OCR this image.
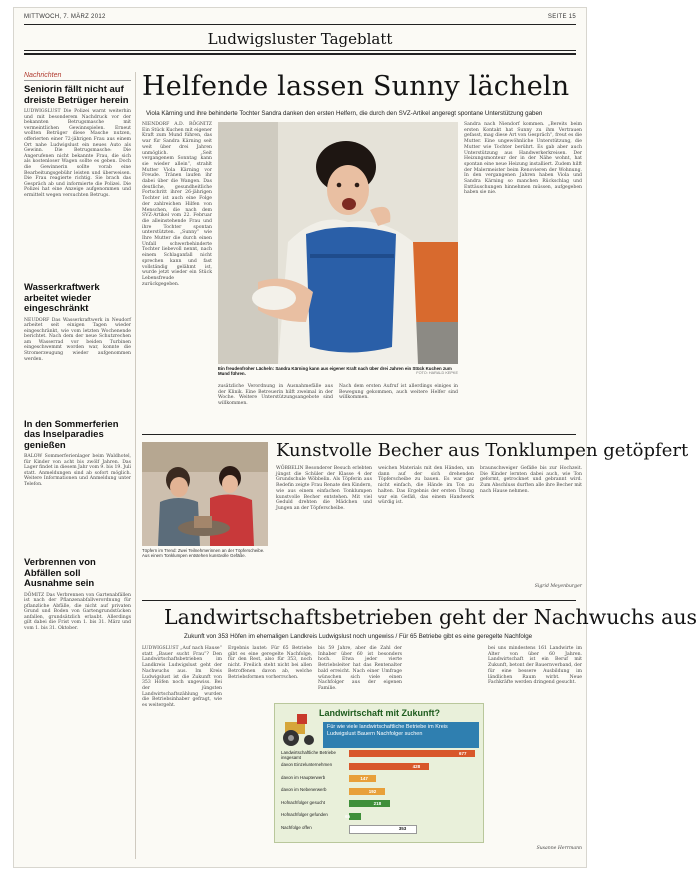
MITTWOCH, 7. MÄRZ 2012	SEITE 15
Ludwigsluster Tageblatt
Nachrichten
Seniorin fällt nicht auf dreiste Betrüger herein
LUDWIGSLUST Die Polizei warnt weiterhin und mit besonderem Nachdruck vor der bekannten Betrugsmasche mit vermeintlichen Gewinnspielen. Erneut wollten Betrüger diese Masche nutzen, offerierten einer 72-jährigen Frau aus einem Ort nahe Ludwigslust ein neues Auto als Gewinn. Die Betrugsmasche: Die Angerufenen nicht bekannte Frau, die sich als kostenloser Wagen sollte es geben. Doch die Gewinnerin sollte vorab eine Bearbeitungsgebühr leisten und überweisen. Die Frau reagierte richtig. Sie brach das Gespräch ab und informierte die Polizei. Die Polizei hat eine Anzeige aufgenommen und ermittelt wegen versuchten Betrugs.
Wasserkraftwerk arbeitet wieder eingeschränkt
NEUDORF Das Wasserkraftwerk in Neudorf arbeitet seit einigen Tagen wieder eingeschränkt, wie vom letzten Wochenende berichtet. Nach dem der neue Schutzrechen am Wasserrad vor beiden Turbinen eingeschwemmt worden war, konnte die Stromerzeugung wieder aufgenommen werden.
In den Sommerferien das Inselparadies genießen
BALOW Sommerferienlager beim Waldhotel, für Kinder von acht bis zwölf Jahren. Das Lager findet in diesem Jahr vom 9. bis 19. Juli statt. Anmeldungen sind ab sofort möglich. Weitere Informationen und Anmeldung unter Telefon.
Verbrennen von Abfällen soll Ausnahme sein
DÖMITZ Das Verbrennen von Gartenabfällen ist nach der Pflanzenabfallverordnung für pflanzliche Abfälle, die nicht auf privaten Grund und Boden von Gartengrundstücken anfallen, grundsätzlich erlaubt. Allerdings gilt dabei die Frist vom 1. bis 31. März und vom 1. bis 31. Oktober.
Helfende lassen Sunny lächeln
Viola Kärning und ihre behinderte Tochter Sandra danken den ersten Helfern, die durch den SVZ-Artikel angeregt spontane Unterstützung gaben
NIENDORF A.D. RÖGNITZ Ein Stück Kuchen mit eigener Kraft zum Mund führen, das war für Sandra Kärning seit weit über drei Jahren unmöglich. „Seit vergangenem Sonntag kann sie wieder allein“, strahlt Mutter Viola Kärning vor Freude. Tränen laufen ihr dabei über die Wangen. Das deutliche, gesundheitliche Fortschritt ihrer 26-jährigen Tochter ist auch eine Folge der zahlreichen Hilfen von Menschen, die nach dem SVZ-Artikel vom 22. Februar die alleinstehende Frau und ihre Tochter spontan unterstützten. „Sunny“ wie Ihre Mutter die durch einen Unfall schwerbehinderte Tochter liebevoll nennt, nach einem Schlaganfall nicht sprechen kann und fast vollständig gelähmt ist, wurde jetzt wieder ein Stück Lebensfreude zurückgegeben.
Ein freudenfroher Lächeln: Sandra Kärning kann aus eigener Kraft nach über drei Jahren ein Stück Kuchen zum Mund führen.	FOTO: HARALD KEPKE
Sandra nach Niendorf kommen. „Bereits beim ersten Kontakt hat Sunny zu ihm Vertrauen gefasst, mag diese Art von Gespräch“, freut es die Mutter. Eine ungewöhnliche Unterstützung, die Mutter wie Tochter berührt. Es gab aber auch Unterstützung aus Handwerkerkreisen. Der Heizungsmonteur der in der Nähe wohnt, hat spontan eine neue Heizung installiert. Zudem hilft der Malermeister beim Renovieren der Wohnung. In den vergangenen Jahren haben Viola und Sandra Kärning so manchen Rückschlag und Enttäuschungen hinnehmen müssen, aufgegeben haben sie nie.
zusätzliche Verordnung in Ausnahmefälle aus der Klinik. Eine Betreuerin hilft zweimal in der Woche. Weitere Unterstützungsangebote sind willkommen.
Nach dem ersten Aufruf ist allerdings einiges in Bewegung gekommen, auch weitere Helfer sind willkommen.
Töpfern im Trend: Zwei Teilnehmerinnen an der Töpferscheibe. Aus einem Tonklumpen entstehen kunstvolle Gefäße.
Kunstvolle Becher aus Tonklumpen getöpfert
WÖBBELIN Besonderer Besuch erlebten jüngst die Schüler der Klasse 4 der Grundschule Wöbbelin. Als Töpferin aus Redefin zeigte Frau Renate den Kindern, wie aus einem einfachen Tonklumpen kunstvolle Becher entstehen. Mit viel Geduld drehten die Mädchen und Jungen an der Töpferscheibe.
weichen Materials mit den Händen, um dann auf der sich drehenden Töpferscheibe zu bauen. Es war gar nicht einfach, die Hände im Ton zu halten. Das Ergebnis der ersten Übung war ein Gefäß, das einem Handwerk würdig ist.
braunschweiger Gefäße bis zur Hochzeit. Die Kinder lernten dabei auch, wie Ton geformt, getrocknet und gebrannt wird. Zum Abschluss durften alle ihre Becher mit nach Hause nehmen.
Sigrid Meyenburger
Landwirtschaftsbetrieben geht der Nachwuchs aus
Zukunft von 353 Höfen im ehemaligen Landkreis Ludwigslust noch ungewiss / Für 65 Betriebe gibt es eine geregelte Nachfolge
LUDWIGSLUST „Auf nach Hause“ statt „Bauer sucht Frau“? Den Landwirtschaftsbetrieben im Landkreis Ludwigslust geht der Nachwuchs aus. Im Kreis Ludwigslust ist die Zukunft von 353 Höfen noch ungewiss. Bei der jüngsten Landwirtschaftszählung wurden die Betriebsinhaber gefragt, wie es weitergeht.
Ergebnis lautet: Für 65 Betriebe gibt es eine geregelte Nachfolge, für den Rest, also für 353, noch nicht. Freilich steht nicht bei allen Betroffenen davon ab, welche Betriebsformen vorherrschen.
bis 59 Jahre, aber die Zahl der Inhaber über 60 ist besonders hoch. Etwa jeder vierte Betriebsleiter hat das Rentenalter bald erreicht. Nach einer Umfrage wünschen sich viele einen Nachfolger aus der eigenen Familie.
bei uns mindestens 161 Landwirte im Alter von über 60 Jahren. Landwirtschaft ist ein Beruf mit Zukunft, betont der Bauernverband, der für eine bessere Ausbildung im ländlichen Raum wirbt. Neue Fachkräfte werden dringend gesucht.
Susanne Herrmann
Landwirtschaft mit Zukunft?
Für wie viele landwirtschaftliche Betriebe im Kreis Ludwigslust Bauern Nachfolger suchen
Landwirtschaftliche Betriebe insgesamt
677
davon Einzelunternehmen	428
davon im Haupterwerb	147
davon im Nebenerwerb	192
Hofnachfolger gesucht	218
Hofnachfolger gefunden	65
Nachfolge offen	353
